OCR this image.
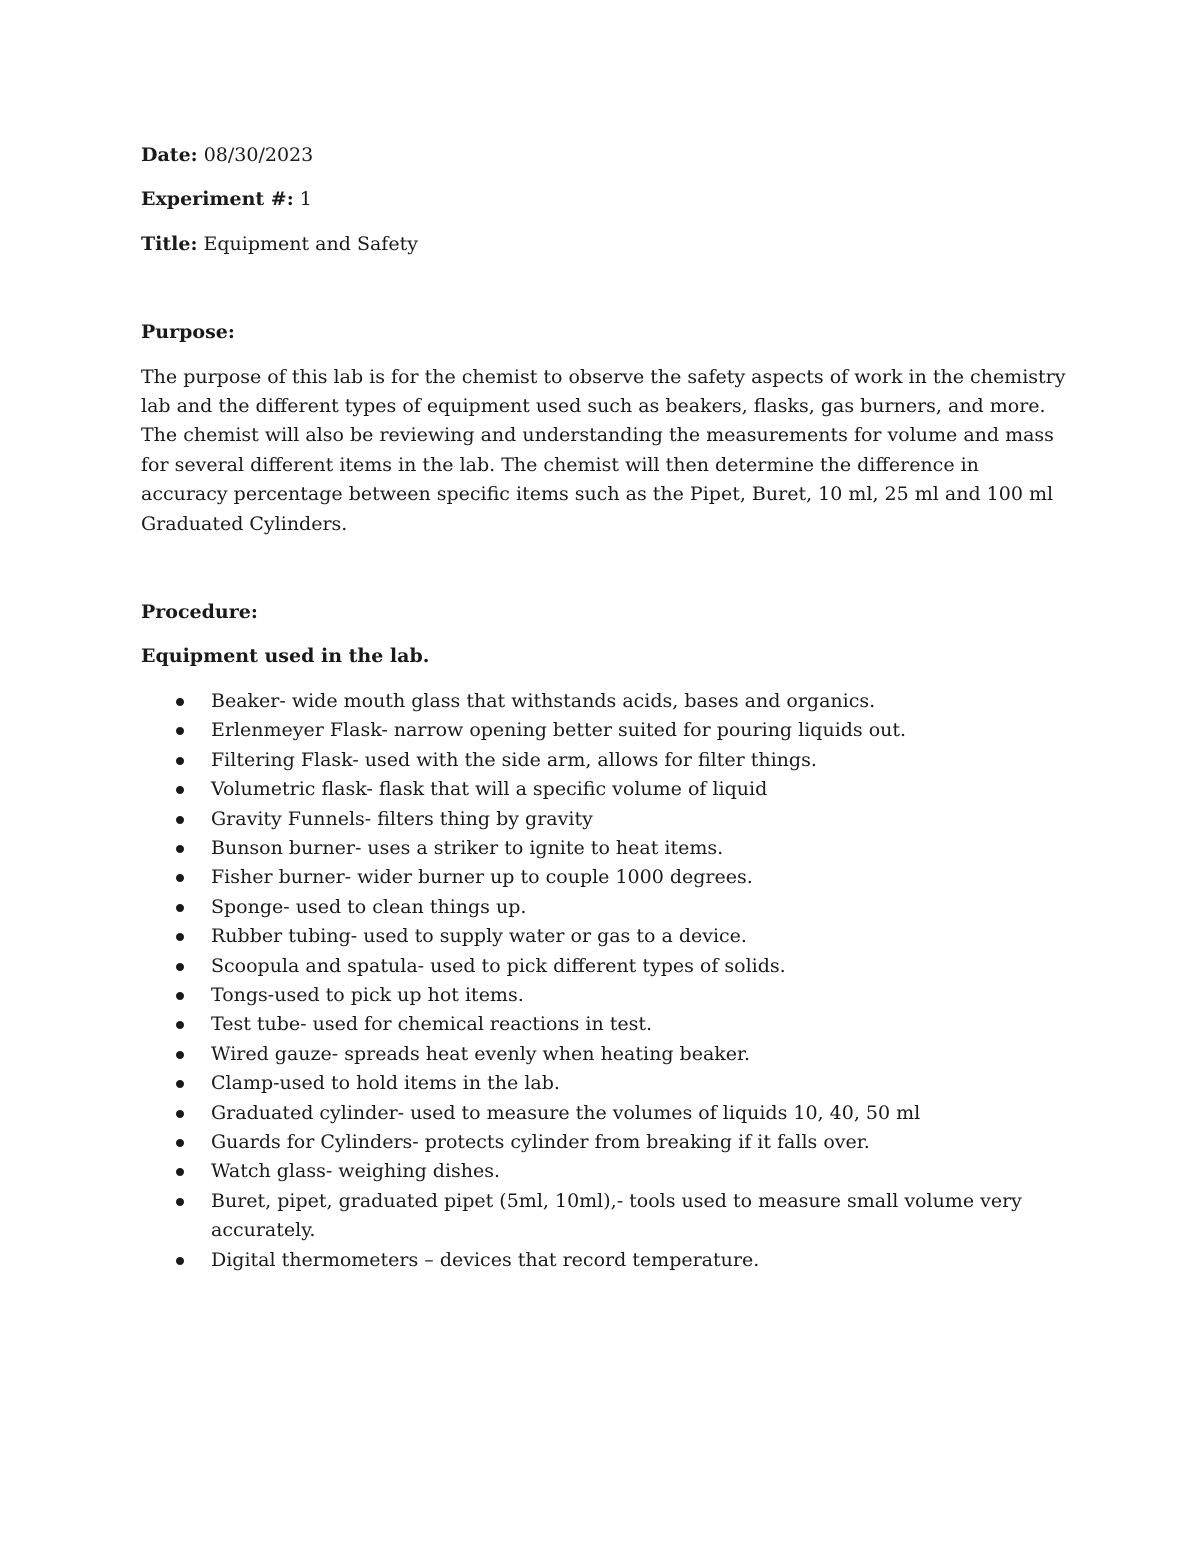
Date: 08/30/2023
Experiment #: 1
Title: Equipment and Safety
Purpose:

The purpose of this lab is for the chemist to observe the safety aspects of work in the chemistry lab and the different types of equipment used such as beakers, flasks, gas burners, and more. The chemist will also be reviewing and understanding the measurements for volume and mass for several different items in the lab. The chemist will then determine the difference in accuracy percentage between specific items such as the Pipet, Buret, 10 ml, 25 ml and 100 ml Graduated Cylinders.

Procedure:
Equipment used in the lab.
Beaker- wide mouth glass that withstands acids, bases and organics.
Erlenmeyer Flask- narrow opening better suited for pouring liquids out.
Filtering Flask- used with the side arm, allows for filter things.
Volumetric flask- flask that will a specific volume of liquid
Gravity Funnels- filters thing by gravity
Bunson burner- uses a striker to ignite to heat items.
Fisher burner- wider burner up to couple 1000 degrees.
Sponge- used to clean things up.
Rubber tubing- used to supply water or gas to a device.
Scoopula and spatula- used to pick different types of solids.
Tongs-used to pick up hot items.
Test tube- used for chemical reactions in test.
Wired gauze- spreads heat evenly when heating beaker.
Clamp-used to hold items in the lab.
Graduated cylinder- used to measure the volumes of liquids 10, 40, 50 ml
Guards for Cylinders- protects cylinder from breaking if it falls over.
Watch glass- weighing dishes.
Buret, pipet, graduated pipet (5ml, 10ml),- tools used to measure small volume very accurately.
Digital thermometers – devices that record temperature.
